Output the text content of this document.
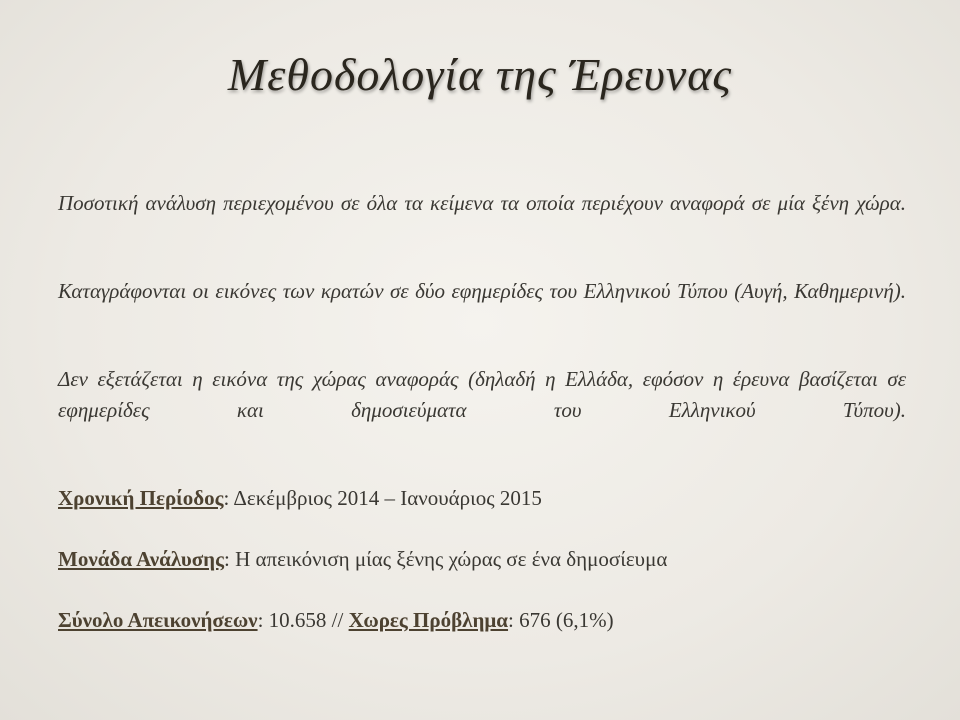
Μεθοδολογία της Έρευνας

Ποσοτική ανάλυση περιεχομένου σε όλα τα κείμενα τα οποία περιέχουν αναφορά σε μία ξένη χώρα.

Καταγράφονται οι εικόνες των κρατών σε δύο εφημερίδες του Ελληνικού Τύπου (Αυγή, Καθημερινή).

Δεν εξετάζεται η εικόνα της χώρας αναφοράς (δηλαδή η Ελλάδα, εφόσον η έρευνα βασίζεται σε εφημερίδες και δημοσιεύματα του Ελληνικού Τύπου).

Χρονική Περίοδος: Δεκέμβριος 2014 – Ιανουάριος 2015

Μονάδα Ανάλυσης: Η απεικόνιση μίας ξένης χώρας σε ένα δημοσίευμα

Σύνολο Απεικονήσεων: 10.658 // Χωρες Πρόβλημα: 676 (6,1%)
